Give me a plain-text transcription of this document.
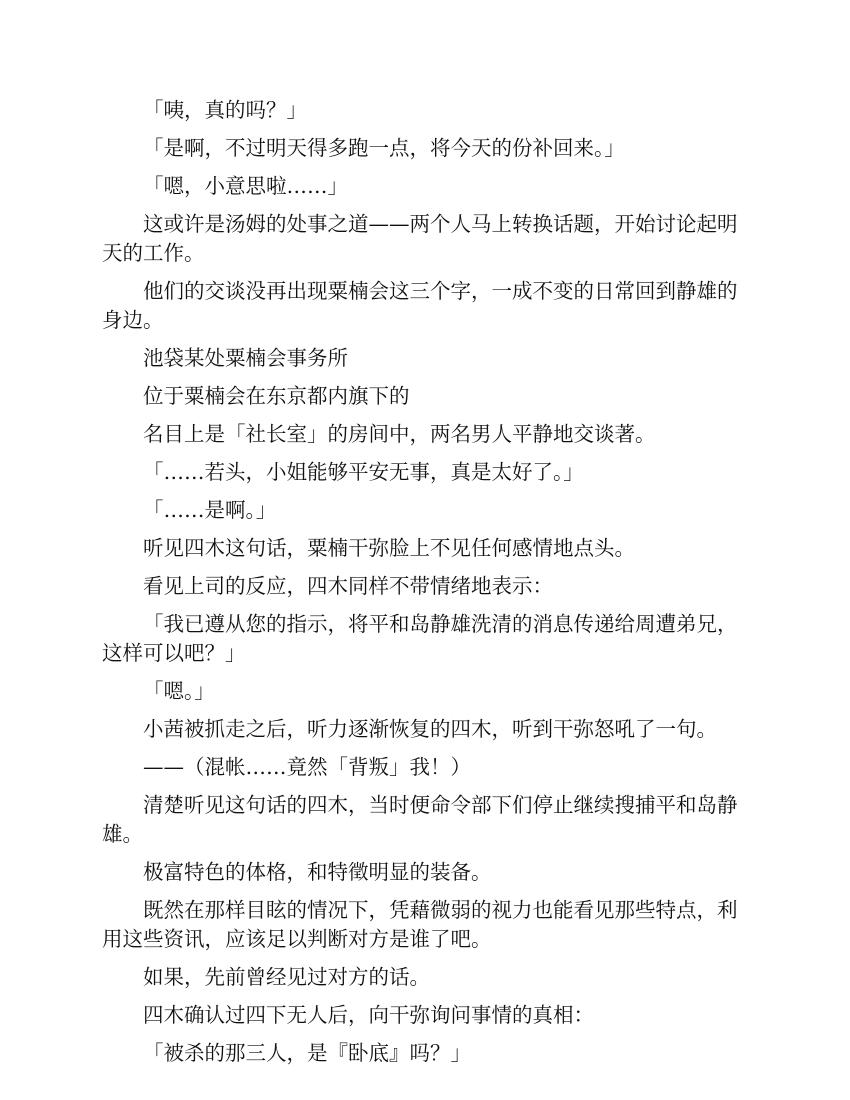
「咦，真的吗？」

「是啊，不过明天得多跑一点，将今天的份补回来。」

「嗯，小意思啦……」

这或许是汤姆的处事之道——两个人马上转换话题，开始讨论起明天的工作。

他们的交谈没再出现粟楠会这三个字，一成不变的日常回到静雄的身边。

池袋某处粟楠会事务所

位于粟楠会在东京都内旗下的

名目上是「社长室」的房间中，两名男人平静地交谈著。

「……若头，小姐能够平安无事，真是太好了。」

「……是啊。」

听见四木这句话，粟楠干弥脸上不见任何感情地点头。

看见上司的反应，四木同样不带情绪地表示：

「我已遵从您的指示，将平和岛静雄洗清的消息传递给周遭弟兄，这样可以吧？」

「嗯。」

小茜被抓走之后，听力逐渐恢复的四木，听到干弥怒吼了一句。

——（混帐……竟然「背叛」我！）

清楚听见这句话的四木，当时便命令部下们停止继续搜捕平和岛静雄。

极富特色的体格，和特徵明显的装备。

既然在那样目眩的情况下，凭藉微弱的视力也能看见那些特点，利用这些资讯，应该足以判断对方是谁了吧。

如果，先前曾经见过对方的话。

四木确认过四下无人后，向干弥询问事情的真相：

「被杀的那三人，是『卧底』吗？」
